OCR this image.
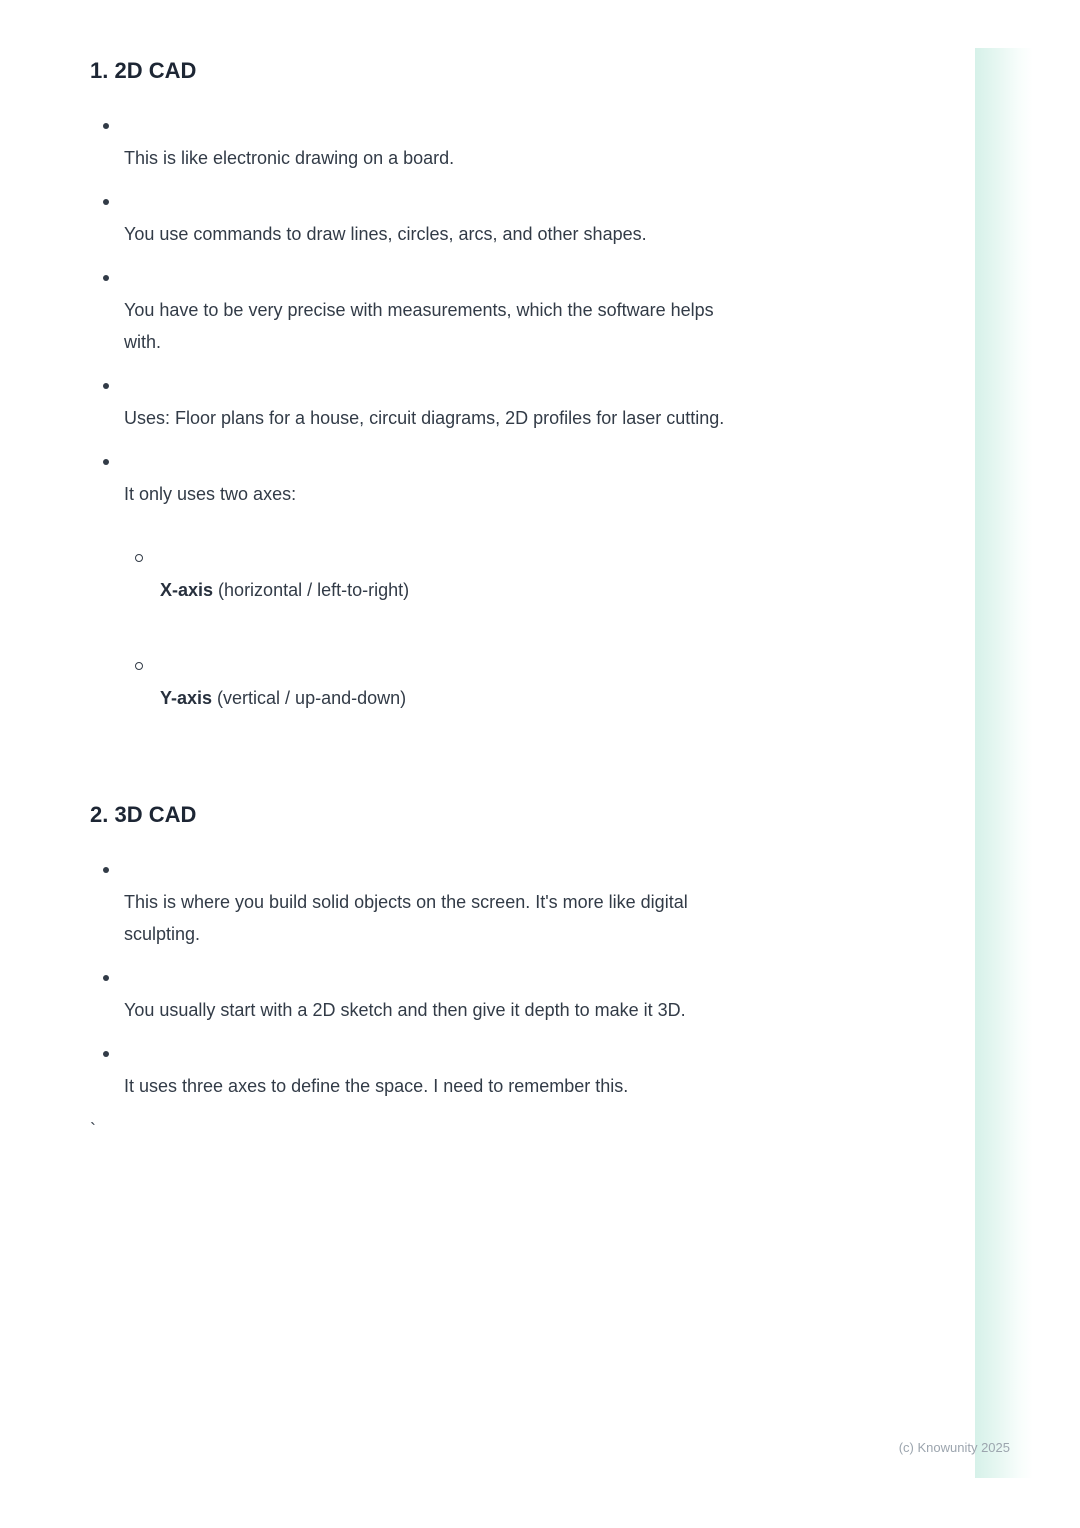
1. 2D CAD

This is like electronic drawing on a board.

You use commands to draw lines, circles, arcs, and other shapes.

You have to be very precise with measurements, which the software helps
with.

Uses: Floor plans for a house, circuit diagrams, 2D profiles for laser cutting.

It only uses two axes:

X-axis (horizontal / left-to-right)

Y-axis (vertical / up-and-down)

2. 3D CAD

This is where you build solid objects on the screen. It's more like digital
sculpting.

You usually start with a 2D sketch and then give it depth to make it 3D.

It uses three axes to define the space. I need to remember this.

`

(c) Knowunity 2025
